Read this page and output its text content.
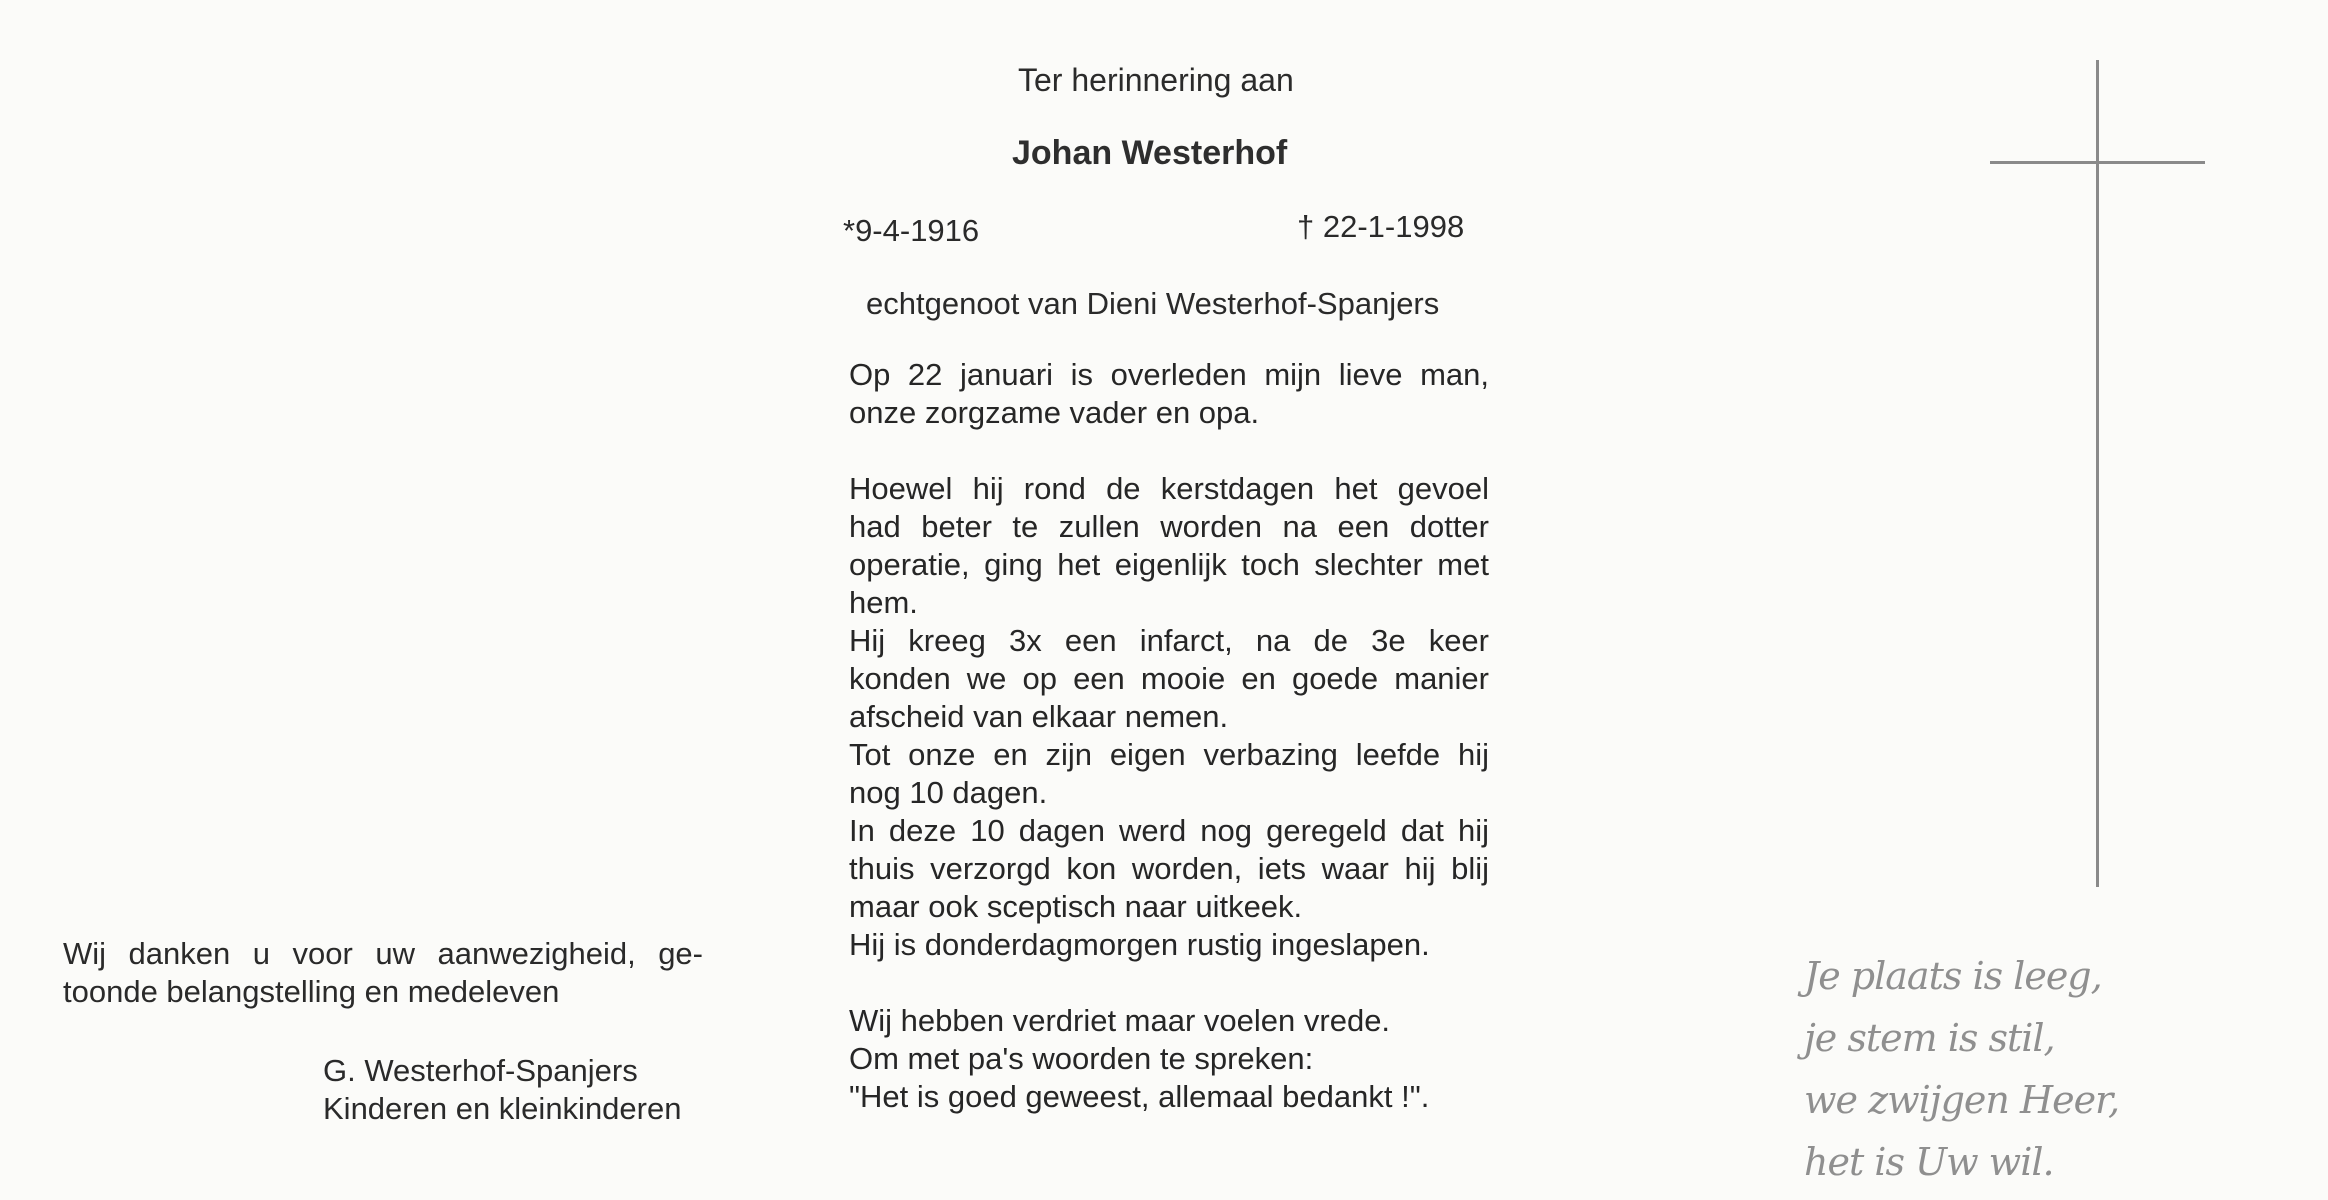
Ter herinnering aan
Johan Westerhof
*9-4-1916	† 22-1-1998
echtgenoot van Dieni Westerhof-Spanjers

Op 22 januari is overleden mijn lieve man,
onze zorgzame vader en opa.

Hoewel hij rond de kerstdagen het gevoel
had beter te zullen worden na een dotter
operatie, ging het eigenlijk toch slechter met
hem.
Hij kreeg 3x een infarct, na de 3e keer
konden we op een mooie en goede manier
afscheid van elkaar nemen.
Tot onze en zijn eigen verbazing leefde hij
nog 10 dagen.
In deze 10 dagen werd nog geregeld dat hij
thuis verzorgd kon worden, iets waar hij blij
maar ook sceptisch naar uitkeek.
Hij is donderdagmorgen rustig ingeslapen.

Wij hebben verdriet maar voelen vrede.
Om met pa's woorden te spreken:
"Het is goed geweest, allemaal bedankt !".

Wij danken u voor uw aanwezigheid, ge-
toonde belangstelling en medeleven
G. Westerhof-Spanjers
Kinderen en kleinkinderen
Je plaats is leeg,
je stem is stil,
we zwijgen Heer,
het is Uw wil.
